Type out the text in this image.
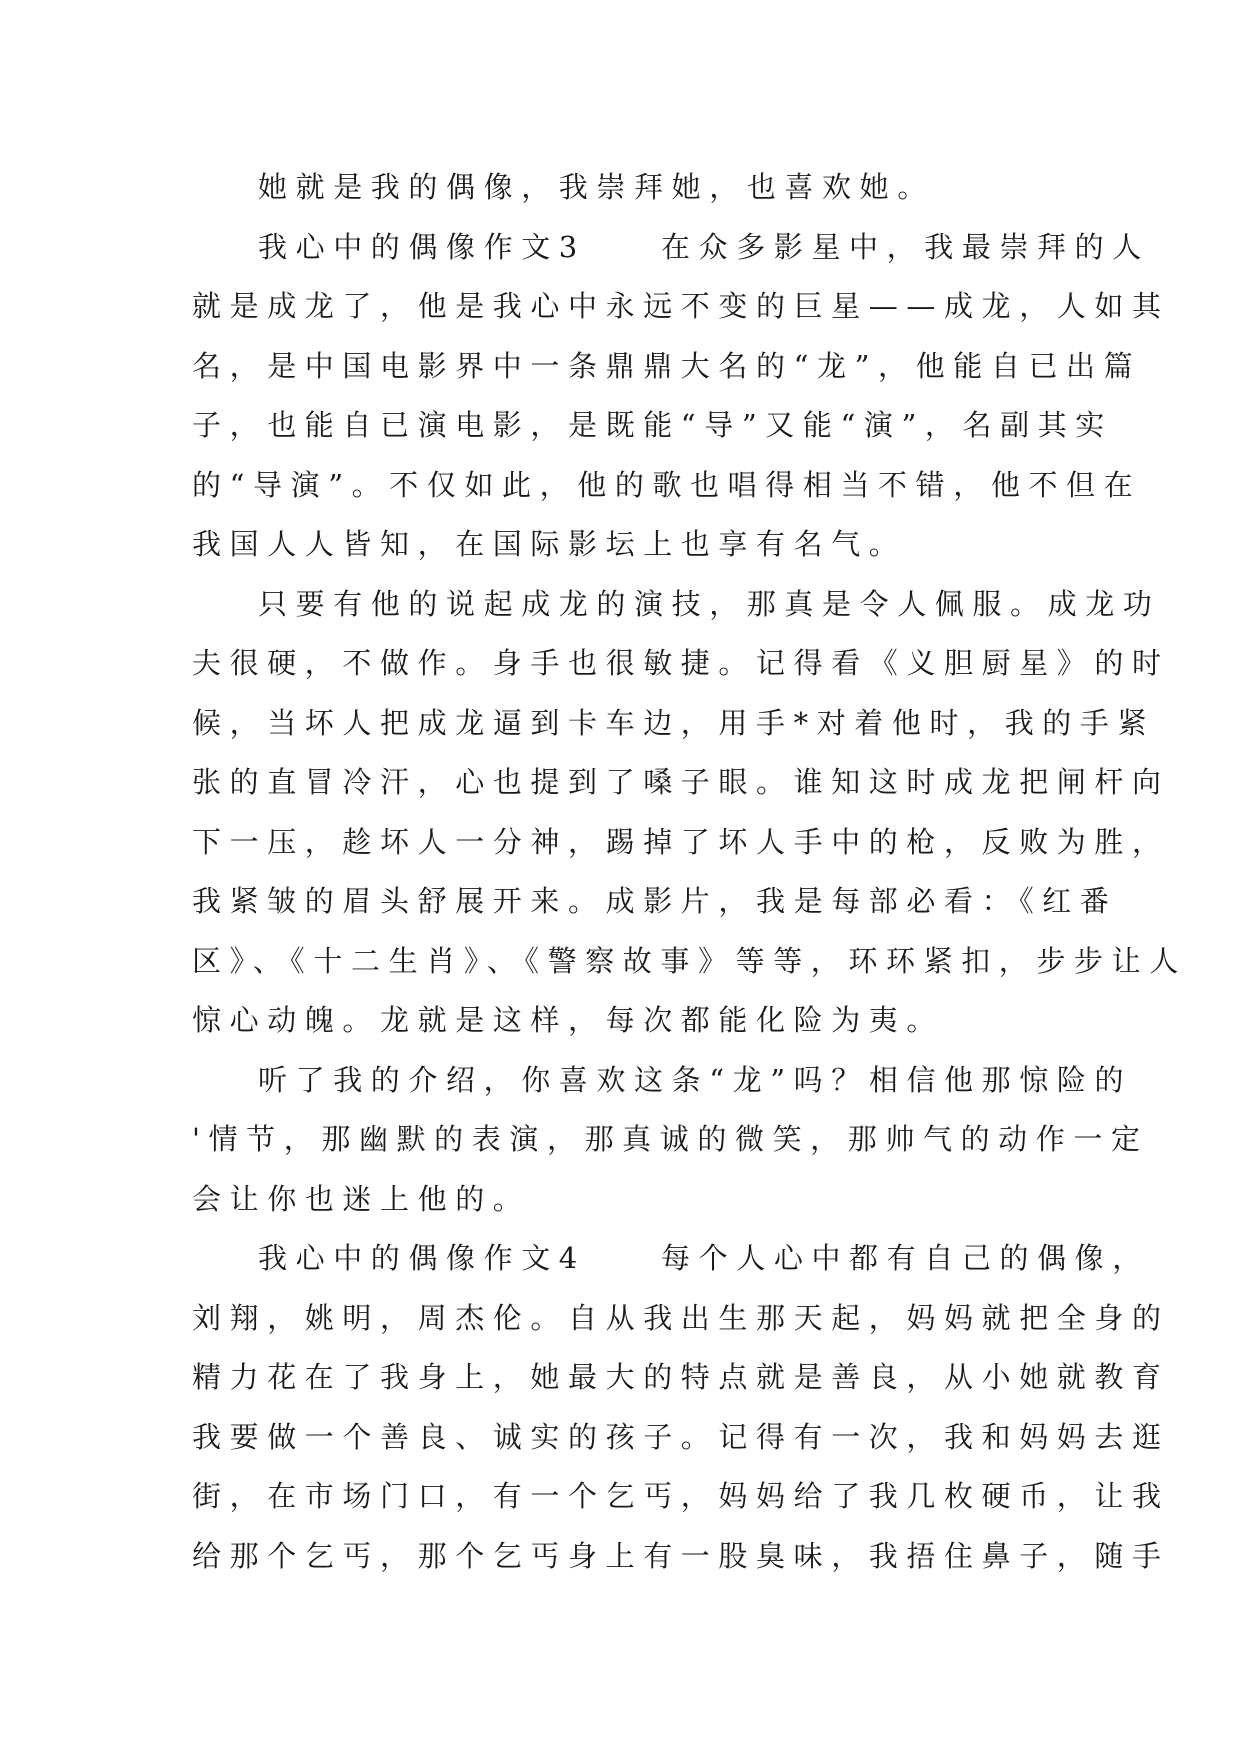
她就是我的偶像，我崇拜她，也喜欢她。
我心中的偶像作文3　　在众多影星中，我最崇拜的人
就是成龙了，他是我心中永远不变的巨星——成龙，人如其
名，是中国电影界中一条鼎鼎大名的“龙”，他能自已出篇
子，也能自已演电影，是既能“导”又能“演”，名副其实
的“导演”。不仅如此，他的歌也唱得相当不错，他不但在
我国人人皆知，在国际影坛上也享有名气。
只要有他的说起成龙的演技，那真是令人佩服。成龙功
夫很硬，不做作。身手也很敏捷。记得看《义胆厨星》的时
候，当坏人把成龙逼到卡车边，用手*对着他时，我的手紧
张的直冒冷汗，心也提到了嗓子眼。谁知这时成龙把闸杆向
下一压，趁坏人一分神，踢掉了坏人手中的枪，反败为胜，
我紧皱的眉头舒展开来。成影片，我是每部必看：《红番
区》、《十二生肖》、《警察故事》等等，环环紧扣，步步让人
惊心动魄。龙就是这样，每次都能化险为夷。
听了我的介绍，你喜欢这条“龙”吗？相信他那惊险的
'情节，那幽默的表演，那真诚的微笑，那帅气的动作一定
会让你也迷上他的。
我心中的偶像作文4　　每个人心中都有自己的偶像，
刘翔，姚明，周杰伦。自从我出生那天起，妈妈就把全身的
精力花在了我身上，她最大的特点就是善良，从小她就教育
我要做一个善良、诚实的孩子。记得有一次，我和妈妈去逛
街，在市场门口，有一个乞丐，妈妈给了我几枚硬币，让我
给那个乞丐，那个乞丐身上有一股臭味，我捂住鼻子，随手
